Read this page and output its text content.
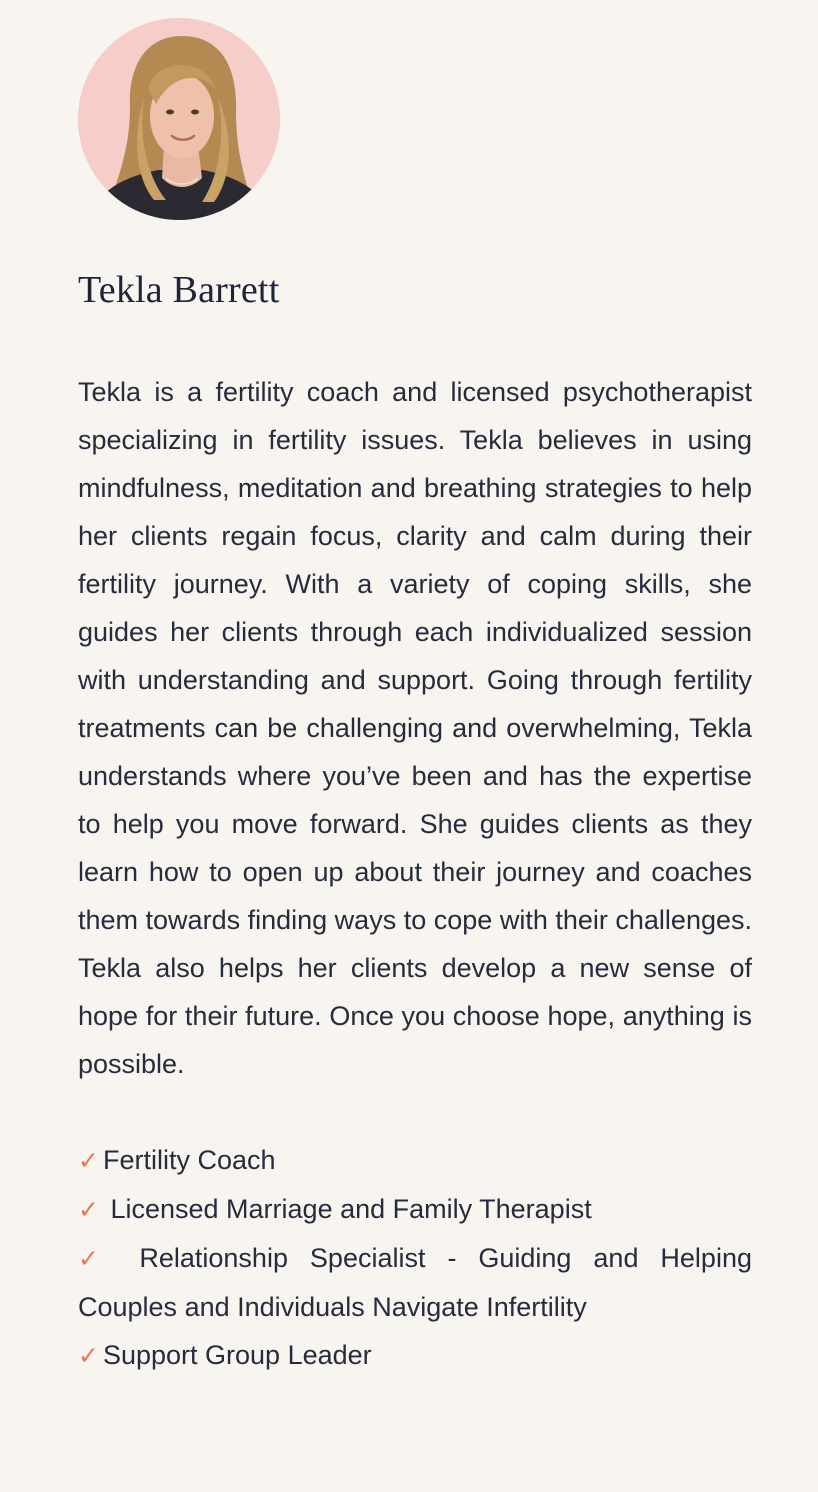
Tekla Barrett

Tekla is a fertility coach and licensed psychotherapist specializing in fertility issues. Tekla believes in using mindfulness, meditation and breathing strategies to help her clients regain focus, clarity and calm during their fertility journey. With a variety of coping skills, she guides her clients through each individualized session with understanding and support. Going through fertility treatments can be challenging and overwhelming, Tekla understands where you’ve been and has the expertise to help you move forward. She guides clients as they learn how to open up about their journey and coaches them towards finding ways to cope with their challenges. Tekla also helps her clients develop a new sense of hope for their future. Once you choose hope, anything is possible.

✓ Fertility Coach
✓ Licensed Marriage and Family Therapist
✓ Relationship Specialist - Guiding and Helping Couples and Individuals Navigate Infertility
✓ Support Group Leader
